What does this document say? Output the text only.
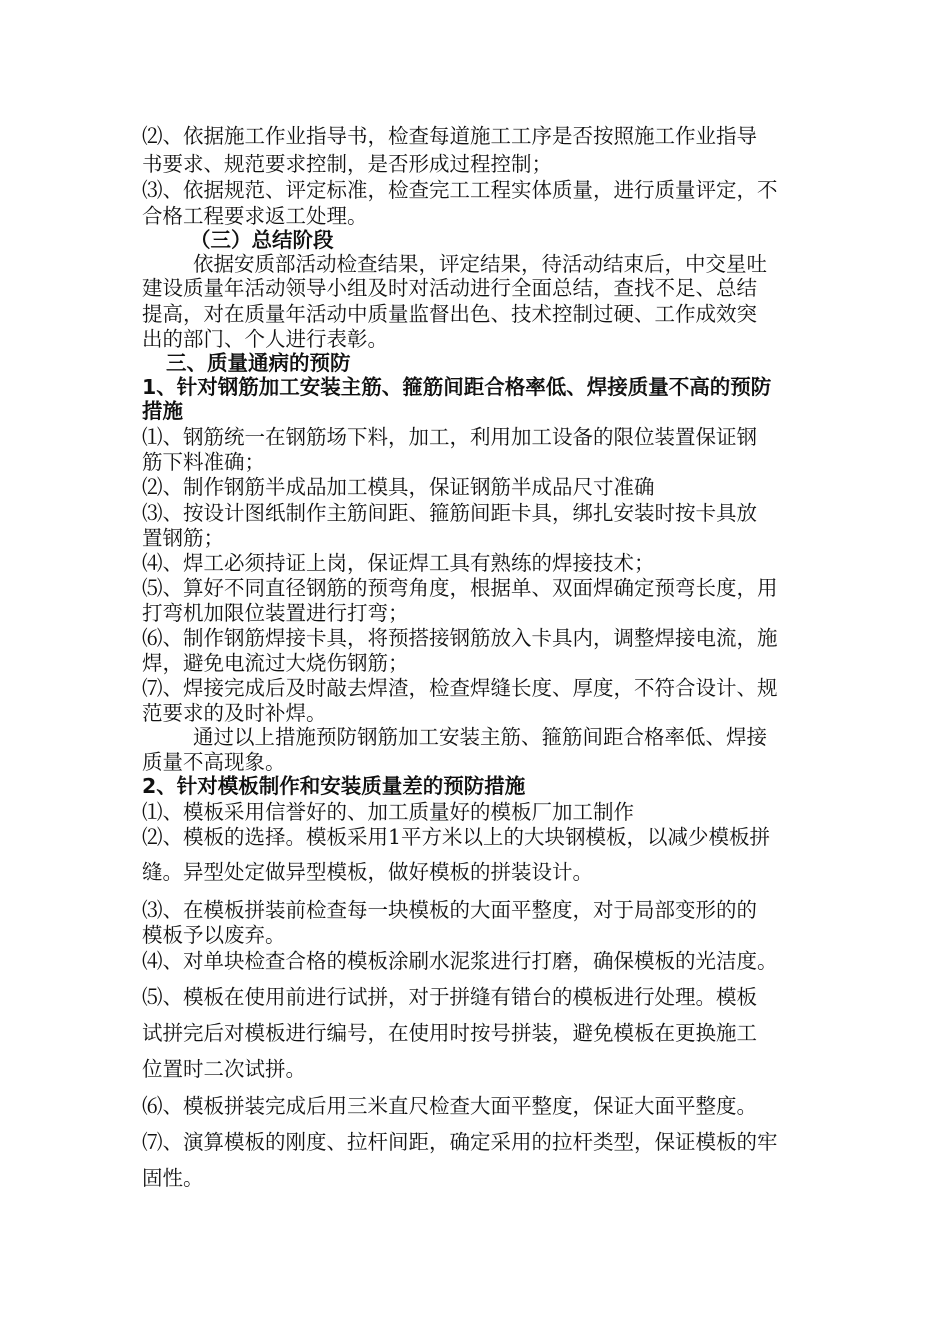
⑵、依据施工作业指导书，检查每道施工工序是否按照施工作业指导

书要求、规范要求控制，是否形成过程控制；

⑶、依据规范、评定标准，检查完工工程实体质量，进行质量评定，不

合格工程要求返工处理。

（三）总结阶段

依据安质部活动检查结果，评定结果，待活动结束后，中交星吐

建设质量年活动领导小组及时对活动进行全面总结，查找不足、总结

提高，对在质量年活动中质量监督出色、技术控制过硬、工作成效突

出的部门、个人进行表彰。

三、质量通病的预防

1、针对钢筋加工安装主筋、箍筋间距合格率低、焊接质量不高的预防

措施

⑴、钢筋统一在钢筋场下料，加工，利用加工设备的限位装置保证钢

筋下料准确；

⑵、制作钢筋半成品加工模具，保证钢筋半成品尺寸准确

⑶、按设计图纸制作主筋间距、箍筋间距卡具，绑扎安装时按卡具放

置钢筋；

⑷、焊工必须持证上岗，保证焊工具有熟练的焊接技术；

⑸、算好不同直径钢筋的预弯角度，根据单、双面焊确定预弯长度，用

打弯机加限位装置进行打弯；

⑹、制作钢筋焊接卡具，将预搭接钢筋放入卡具内，调整焊接电流，施

焊，避免电流过大烧伤钢筋；

⑺、焊接完成后及时敲去焊渣，检查焊缝长度、厚度，不符合设计、规

范要求的及时补焊。

通过以上措施预防钢筋加工安装主筋、箍筋间距合格率低、焊接

质量不高现象。

2、针对模板制作和安装质量差的预防措施

⑴、模板采用信誉好的、加工质量好的模板厂加工制作

⑵、模板的选择。模板采用1平方米以上的大块钢模板，以减少模板拼

缝。异型处定做异型模板，做好模板的拼装设计。

⑶、在模板拼装前检查每一块模板的大面平整度，对于局部变形的的

模板予以废弃。

⑷、对单块检查合格的模板涂刷水泥浆进行打磨，确保模板的光洁度。

⑸、模板在使用前进行试拼，对于拼缝有错台的模板进行处理。模板

试拼完后对模板进行编号，在使用时按号拼装，避免模板在更换施工

位置时二次试拼。

⑹、模板拼装完成后用三米直尺检查大面平整度，保证大面平整度。

⑺、演算模板的刚度、拉杆间距，确定采用的拉杆类型，保证模板的牢

固性。
